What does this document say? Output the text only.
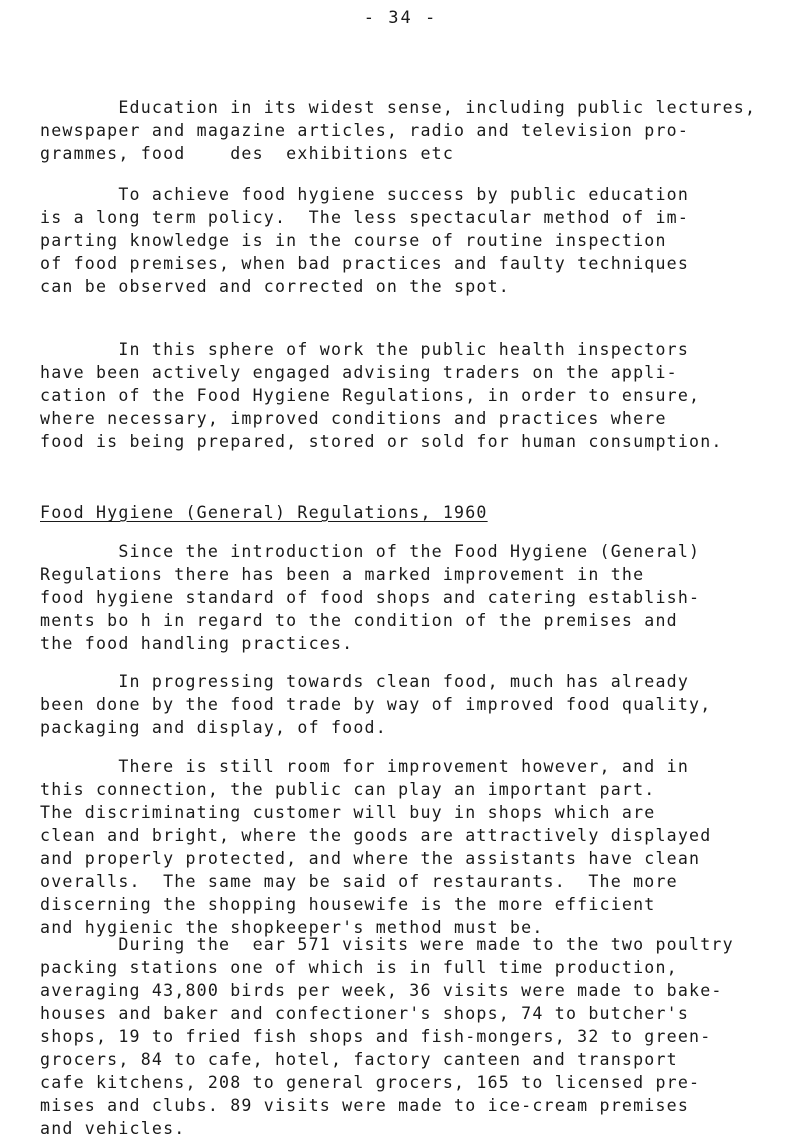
- 34 -
Education in its widest sense, including public lectures,
newspaper and magazine articles, radio and television pro-
grammes, food    des  exhibitions etc
To achieve food hygiene success by public education
is a long term policy.  The less spectacular method of im-
parting knowledge is in the course of routine inspection
of food premises, when bad practices and faulty techniques
can be observed and corrected on the spot.
In this sphere of work the public health inspectors
have been actively engaged advising traders on the appli-
cation of the Food Hygiene Regulations, in order to ensure,
where necessary, improved conditions and practices where
food is being prepared, stored or sold for human consumption.
Food Hygiene (General) Regulations, 1960
Since the introduction of the Food Hygiene (General)
Regulations there has been a marked improvement in the
food hygiene standard of food shops and catering establish-
ments bo h in regard to the condition of the premises and
the food handling practices.
In progressing towards clean food, much has already
been done by the food trade by way of improved food quality,
packaging and display, of food.
There is still room for improvement however, and in
this connection, the public can play an important part.
The discriminating customer will buy in shops which are
clean and bright, where the goods are attractively displayed
and properly protected, and where the assistants have clean
overalls.  The same may be said of restaurants.  The more
discerning the shopping housewife is the more efficient
and hygienic the shopkeeper's method must be.
During the  ear 571 visits were made to the two poultry
packing stations one of which is in full time production,
averaging 43,800 birds per week, 36 visits were made to bake-
houses and baker and confectioner's shops, 74 to butcher's
shops, 19 to fried fish shops and fish-mongers, 32 to green-
grocers, 84 to cafe, hotel, factory canteen and transport
cafe kitchens, 208 to general grocers, 165 to licensed pre-
mises and clubs. 89 visits were made to ice-cream premises
and vehicles.
